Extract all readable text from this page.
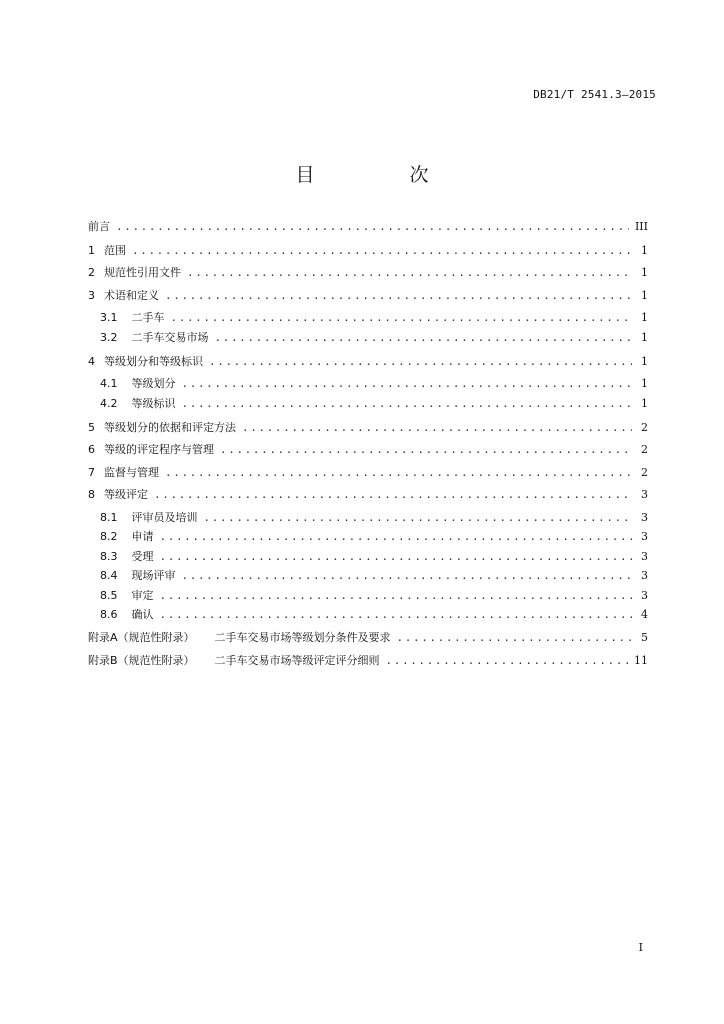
DB21/T 2541.3—2015
目　次
前言 .....	III
1 范围 .....	1
2 规范性引用文件 .....	1
3 术语和定义 .....	1
3.1 二手车 .....	1
3.2 二手车交易市场 .....	1
4 等级划分和等级标识 .....	1
4.1 等级划分 .....	1
4.2 等级标识 .....	1
5 等级划分的依据和评定方法 .....	2
6 等级的评定程序与管理 .....	2
7 监督与管理 .....	2
8 等级评定 .....	3
8.1 评审员及培训 .....	3
8.2 申请 .....	3
8.3 受理 .....	3
8.4 现场评审 .....	3
8.5 审定 .....	3
8.6 确认 .....	4
附录A （规范性附录） 二手车交易市场等级划分条件及要求 .....	5
附录B （规范性附录） 二手车交易市场等级评定评分细则 .....	11
I
